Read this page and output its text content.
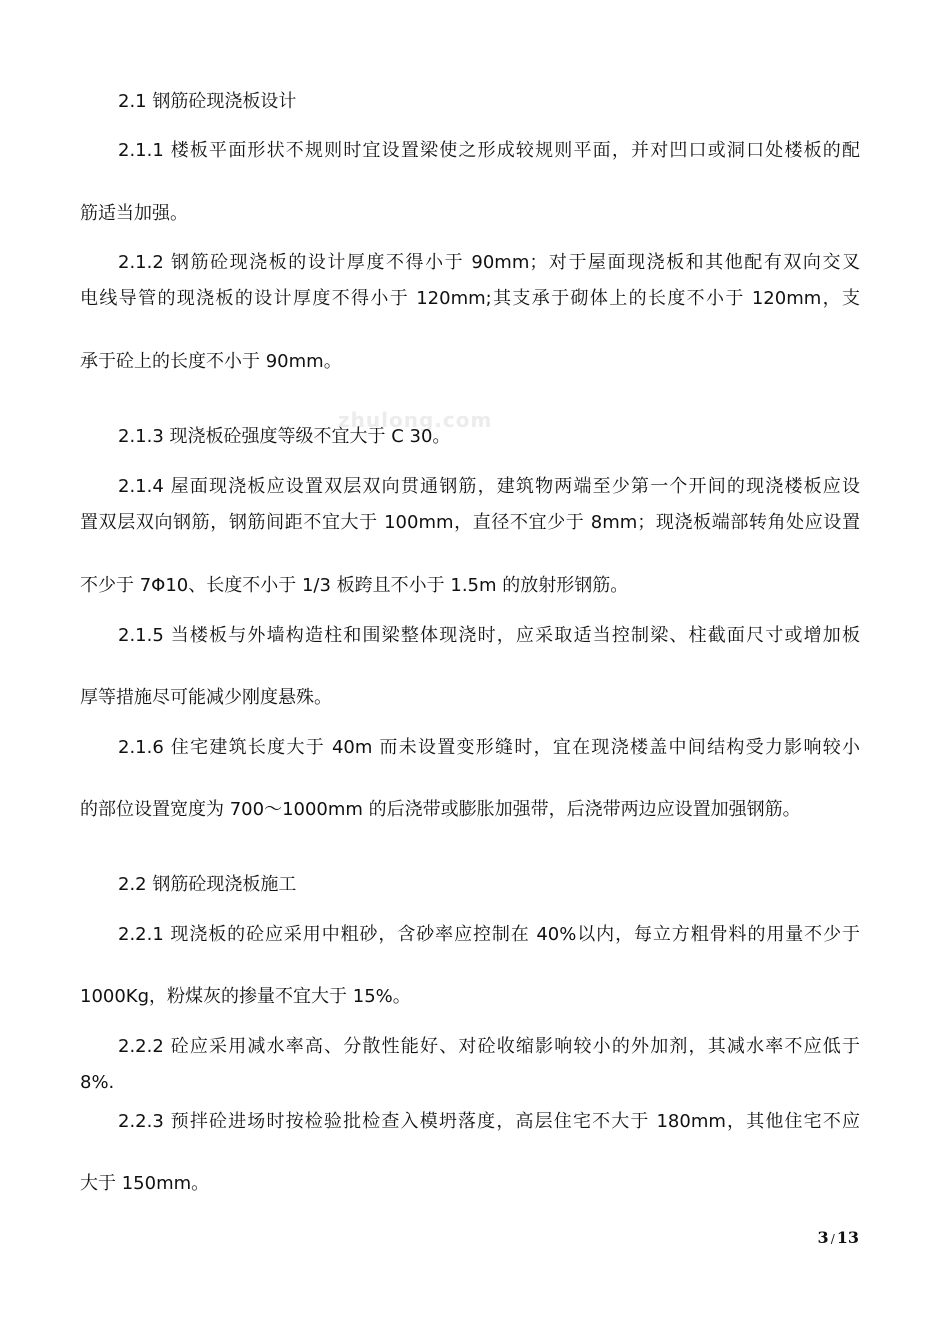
zhulong.com
2.1 钢筋砼现浇板设计
2.1.1 楼板平面形状不规则时宜设置梁使之形成较规则平面，并对凹口或洞口处楼板的配
筋适当加强。
2.1.2 钢筋砼现浇板的设计厚度不得小于 90mm；对于屋面现浇板和其他配有双向交叉
电线导管的现浇板的设计厚度不得小于 120mm;其支承于砌体上的长度不小于 120mm，支
承于砼上的长度不小于 90mm。
2.1.3 现浇板砼强度等级不宜大于 C 30。
2.1.4 屋面现浇板应设置双层双向贯通钢筋，建筑物两端至少第一个开间的现浇楼板应设
置双层双向钢筋，钢筋间距不宜大于 100mm，直径不宜少于 8mm；现浇板端部转角处应设置
不少于 7Φ10、长度不小于 1/3 板跨且不小于 1.5m 的放射形钢筋。
2.1.5 当楼板与外墙构造柱和围梁整体现浇时，应采取适当控制梁、柱截面尺寸或增加板
厚等措施尽可能减少刚度悬殊。
2.1.6 住宅建筑长度大于 40m 而未设置变形缝时，宜在现浇楼盖中间结构受力影响较小
的部位设置宽度为 700～1000mm 的后浇带或膨胀加强带，后浇带两边应设置加强钢筋。
2.2 钢筋砼现浇板施工
2.2.1 现浇板的砼应采用中粗砂，含砂率应控制在 40%以内，每立方粗骨料的用量不少于
1000Kg，粉煤灰的掺量不宜大于 15%。
2.2.2 砼应采用减水率高、分散性能好、对砼收缩影响较小的外加剂，其减水率不应低于
8%.
2.2.3 预拌砼进场时按检验批检查入模坍落度，高层住宅不大于 180mm，其他住宅不应
大于 150mm。
3 / 13
